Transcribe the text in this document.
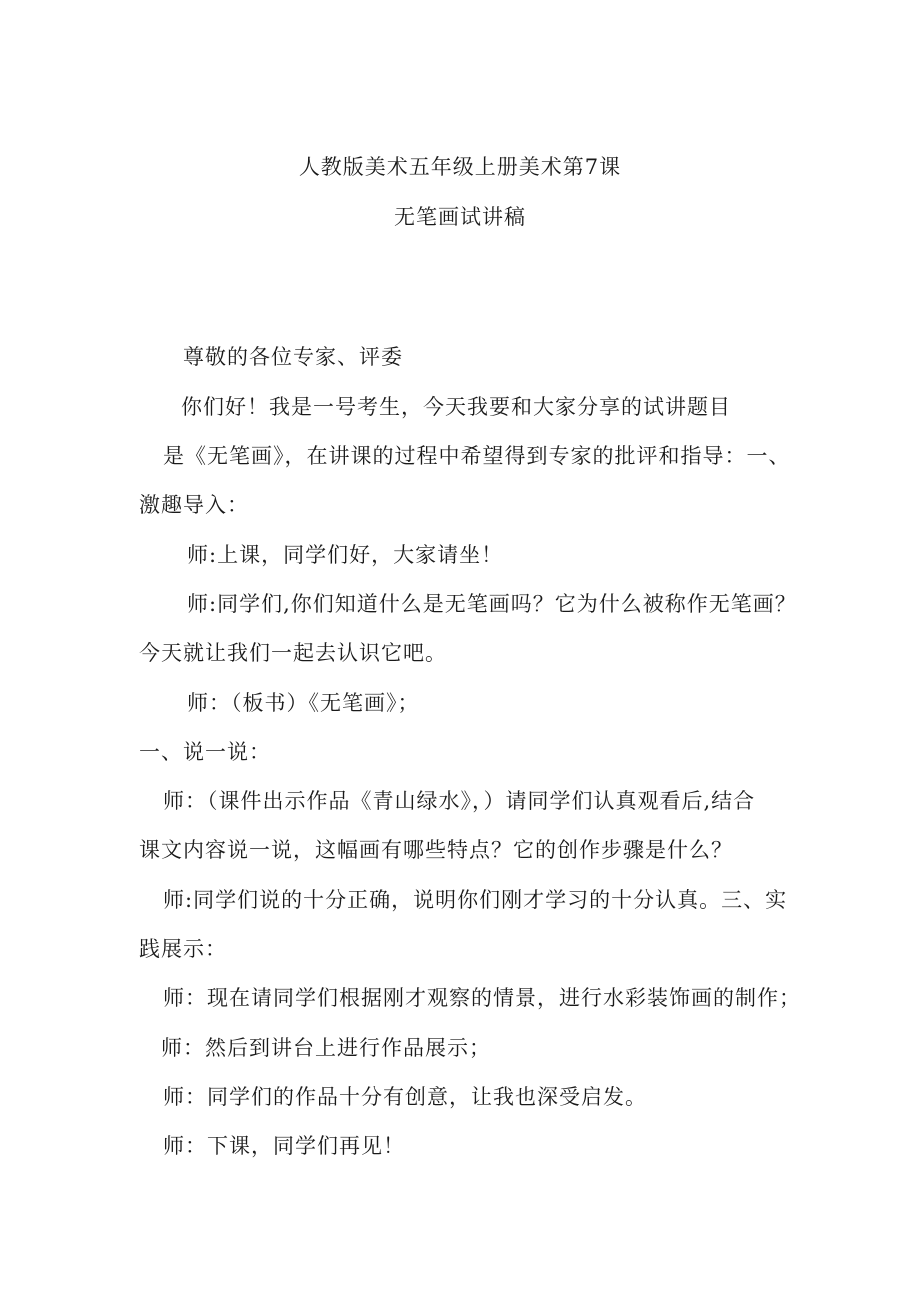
人教版美术五年级上册美术第7课
无笔画试讲稿
尊敬的各位专家、评委
你们好！我是一号考生，今天我要和大家分享的试讲题目
是《无笔画》，在讲课的过程中希望得到专家的批评和指导：一、
激趣导入：
师:上课，同学们好，大家请坐！
师:同学们,你们知道什么是无笔画吗？它为什么被称作无笔画？
今天就让我们一起去认识它吧。
师：（板书）《无笔画》；
一、说一说：
师：（课件出示作品《青山绿水》，）请同学们认真观看后,结合
课文内容说一说，这幅画有哪些特点？它的创作步骤是什么？
师:同学们说的十分正确，说明你们刚才学习的十分认真。三、实
践展示：
师：现在请同学们根据刚才观察的情景，进行水彩装饰画的制作；
师：然后到讲台上进行作品展示；
师：同学们的作品十分有创意，让我也深受启发。
师：下课，同学们再见！
